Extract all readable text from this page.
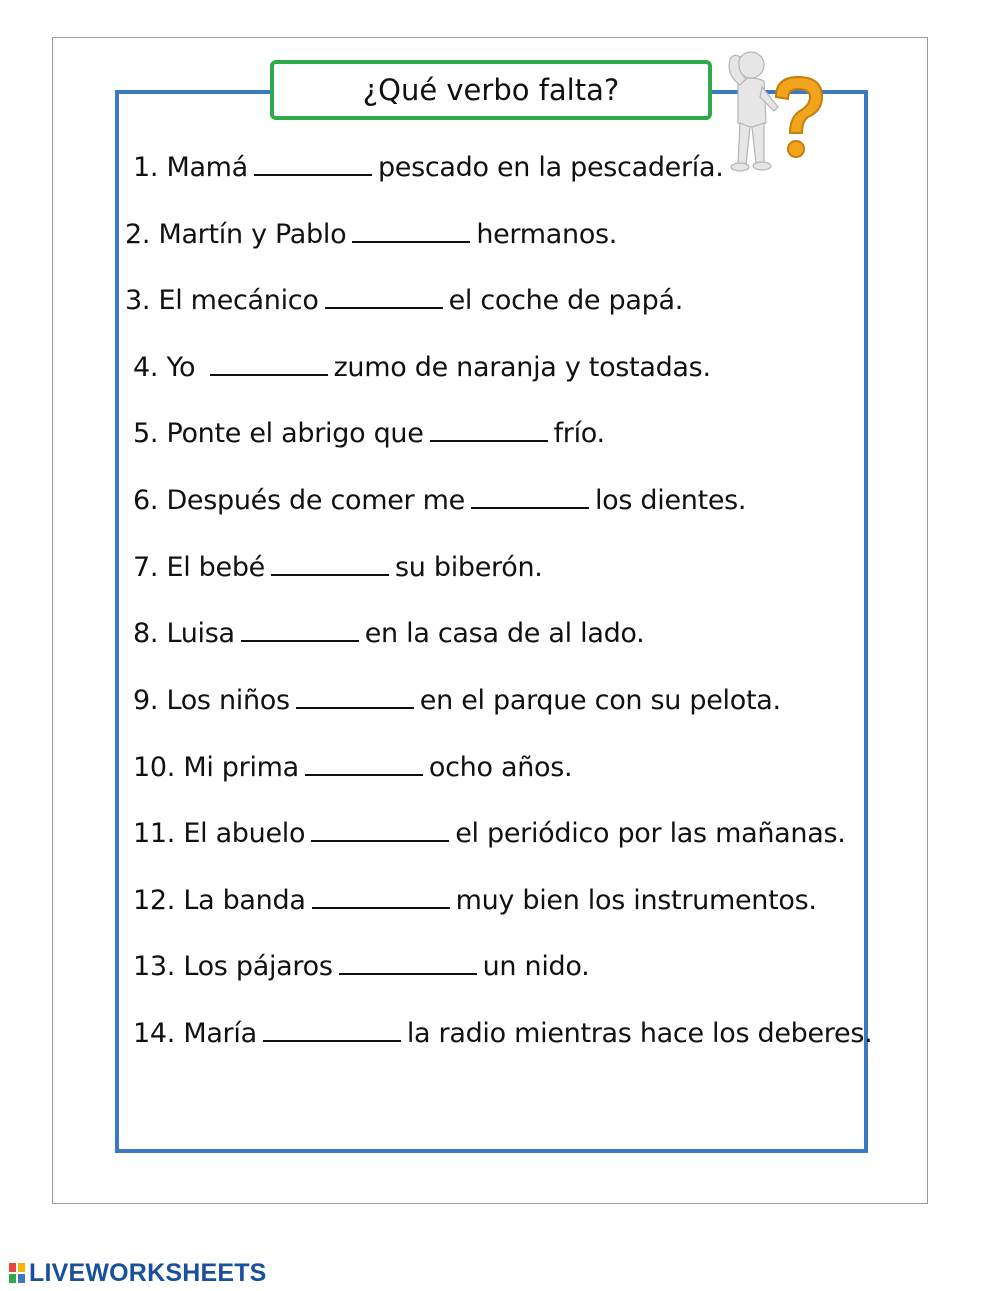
¿Qué verbo falta?
1. Mamá	pescado en la pescadería.
2. Martín y Pablo	hermanos.
3. El mecánico	el coche de papá.
4. Yo	zumo de naranja y tostadas.
5. Ponte el abrigo que	frío.
6. Después de comer me	los dientes.
7. El bebé	su biberón.
8. Luisa	en la casa de al lado.
9. Los niños	en el parque con su pelota.
10. Mi prima	ocho años.
11. El abuelo	el periódico por las mañanas.
12. La banda	muy bien los instrumentos.
13. Los pájaros	un nido.
14. María	la radio mientras hace los deberes.
LIVEWORKSHEETS
